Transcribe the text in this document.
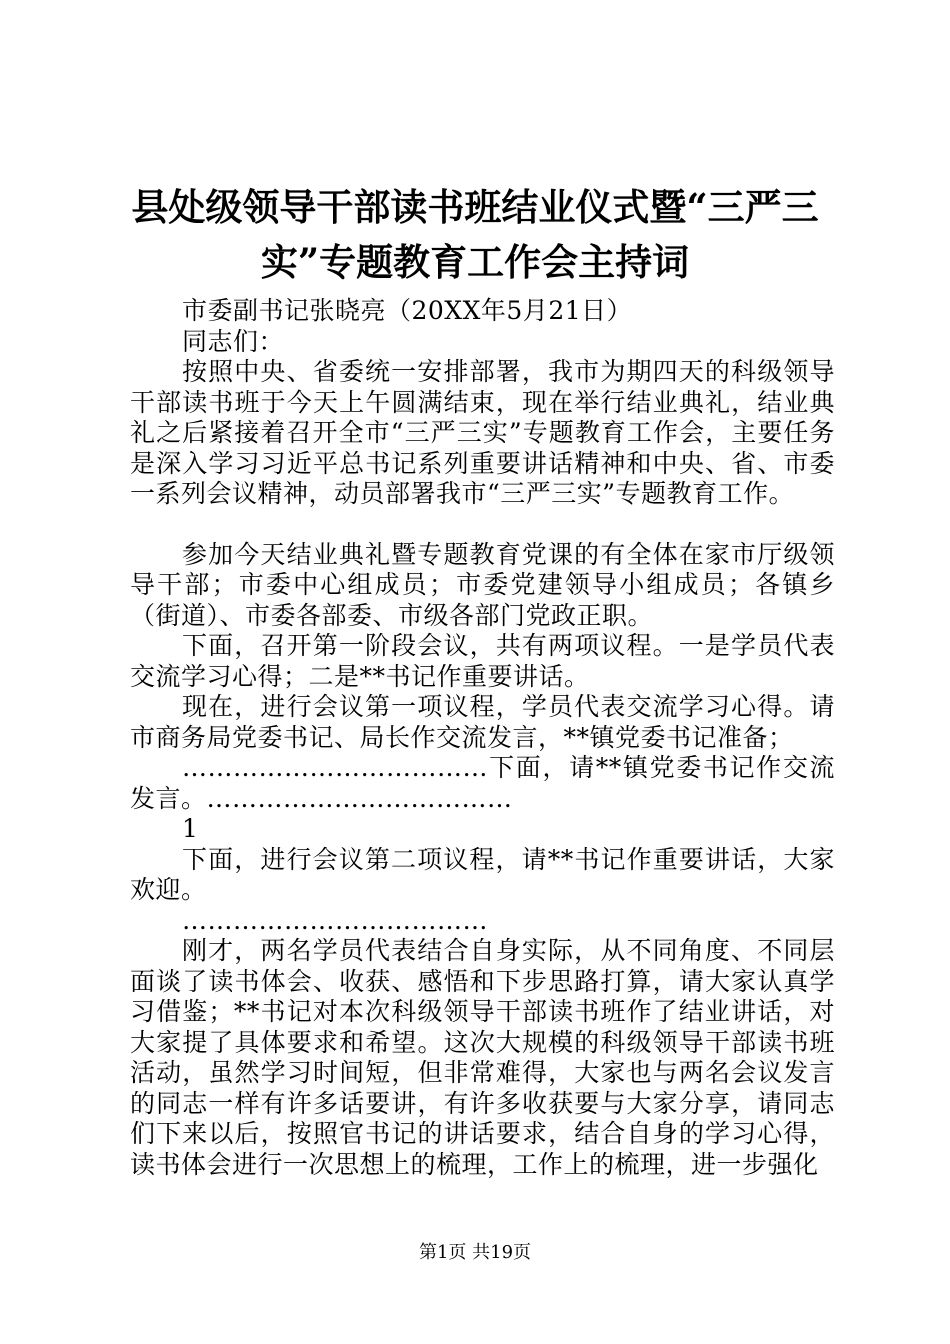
县处级领导干部读书班结业仪式暨“三严三
实”专题教育工作会主持词

市委副书记张晓亮（20XX年5月21日）

同志们：

按照中央、省委统一安排部署，我市为期四天的科级领导干部读书班于今天上午圆满结束，现在举行结业典礼，结业典礼之后紧接着召开全市“三严三实”专题教育工作会，主要任务是深入学习习近平总书记系列重要讲话精神和中央、省、市委一系列会议精神，动员部署我市“三严三实”专题教育工作。

参加今天结业典礼暨专题教育党课的有全体在家市厅级领导干部；市委中心组成员；市委党建领导小组成员；各镇乡（街道）、市委各部委、市级各部门党政正职。

下面，召开第一阶段会议，共有两项议程。一是学员代表交流学习心得；二是**书记作重要讲话。

现在，进行会议第一项议程，学员代表交流学习心得。请市商务局党委书记、局长作交流发言，**镇党委书记准备；

………………………………下面，请**镇党委书记作交流发言。………………………………

1

下面，进行会议第二项议程，请**书记作重要讲话，大家欢迎。

………………………………

刚才，两名学员代表结合自身实际，从不同角度、不同层面谈了读书体会、收获、感悟和下步思路打算，请大家认真学习借鉴；**书记对本次科级领导干部读书班作了结业讲话，对大家提了具体要求和希望。这次大规模的科级领导干部读书班活动，虽然学习时间短，但非常难得，大家也与两名会议发言的同志一样有许多话要讲，有许多收获要与大家分享，请同志们下来以后，按照官书记的讲话要求，结合自身的学习心得，读书体会进行一次思想上的梳理，工作上的梳理，进一步强化

第1页 共19页
